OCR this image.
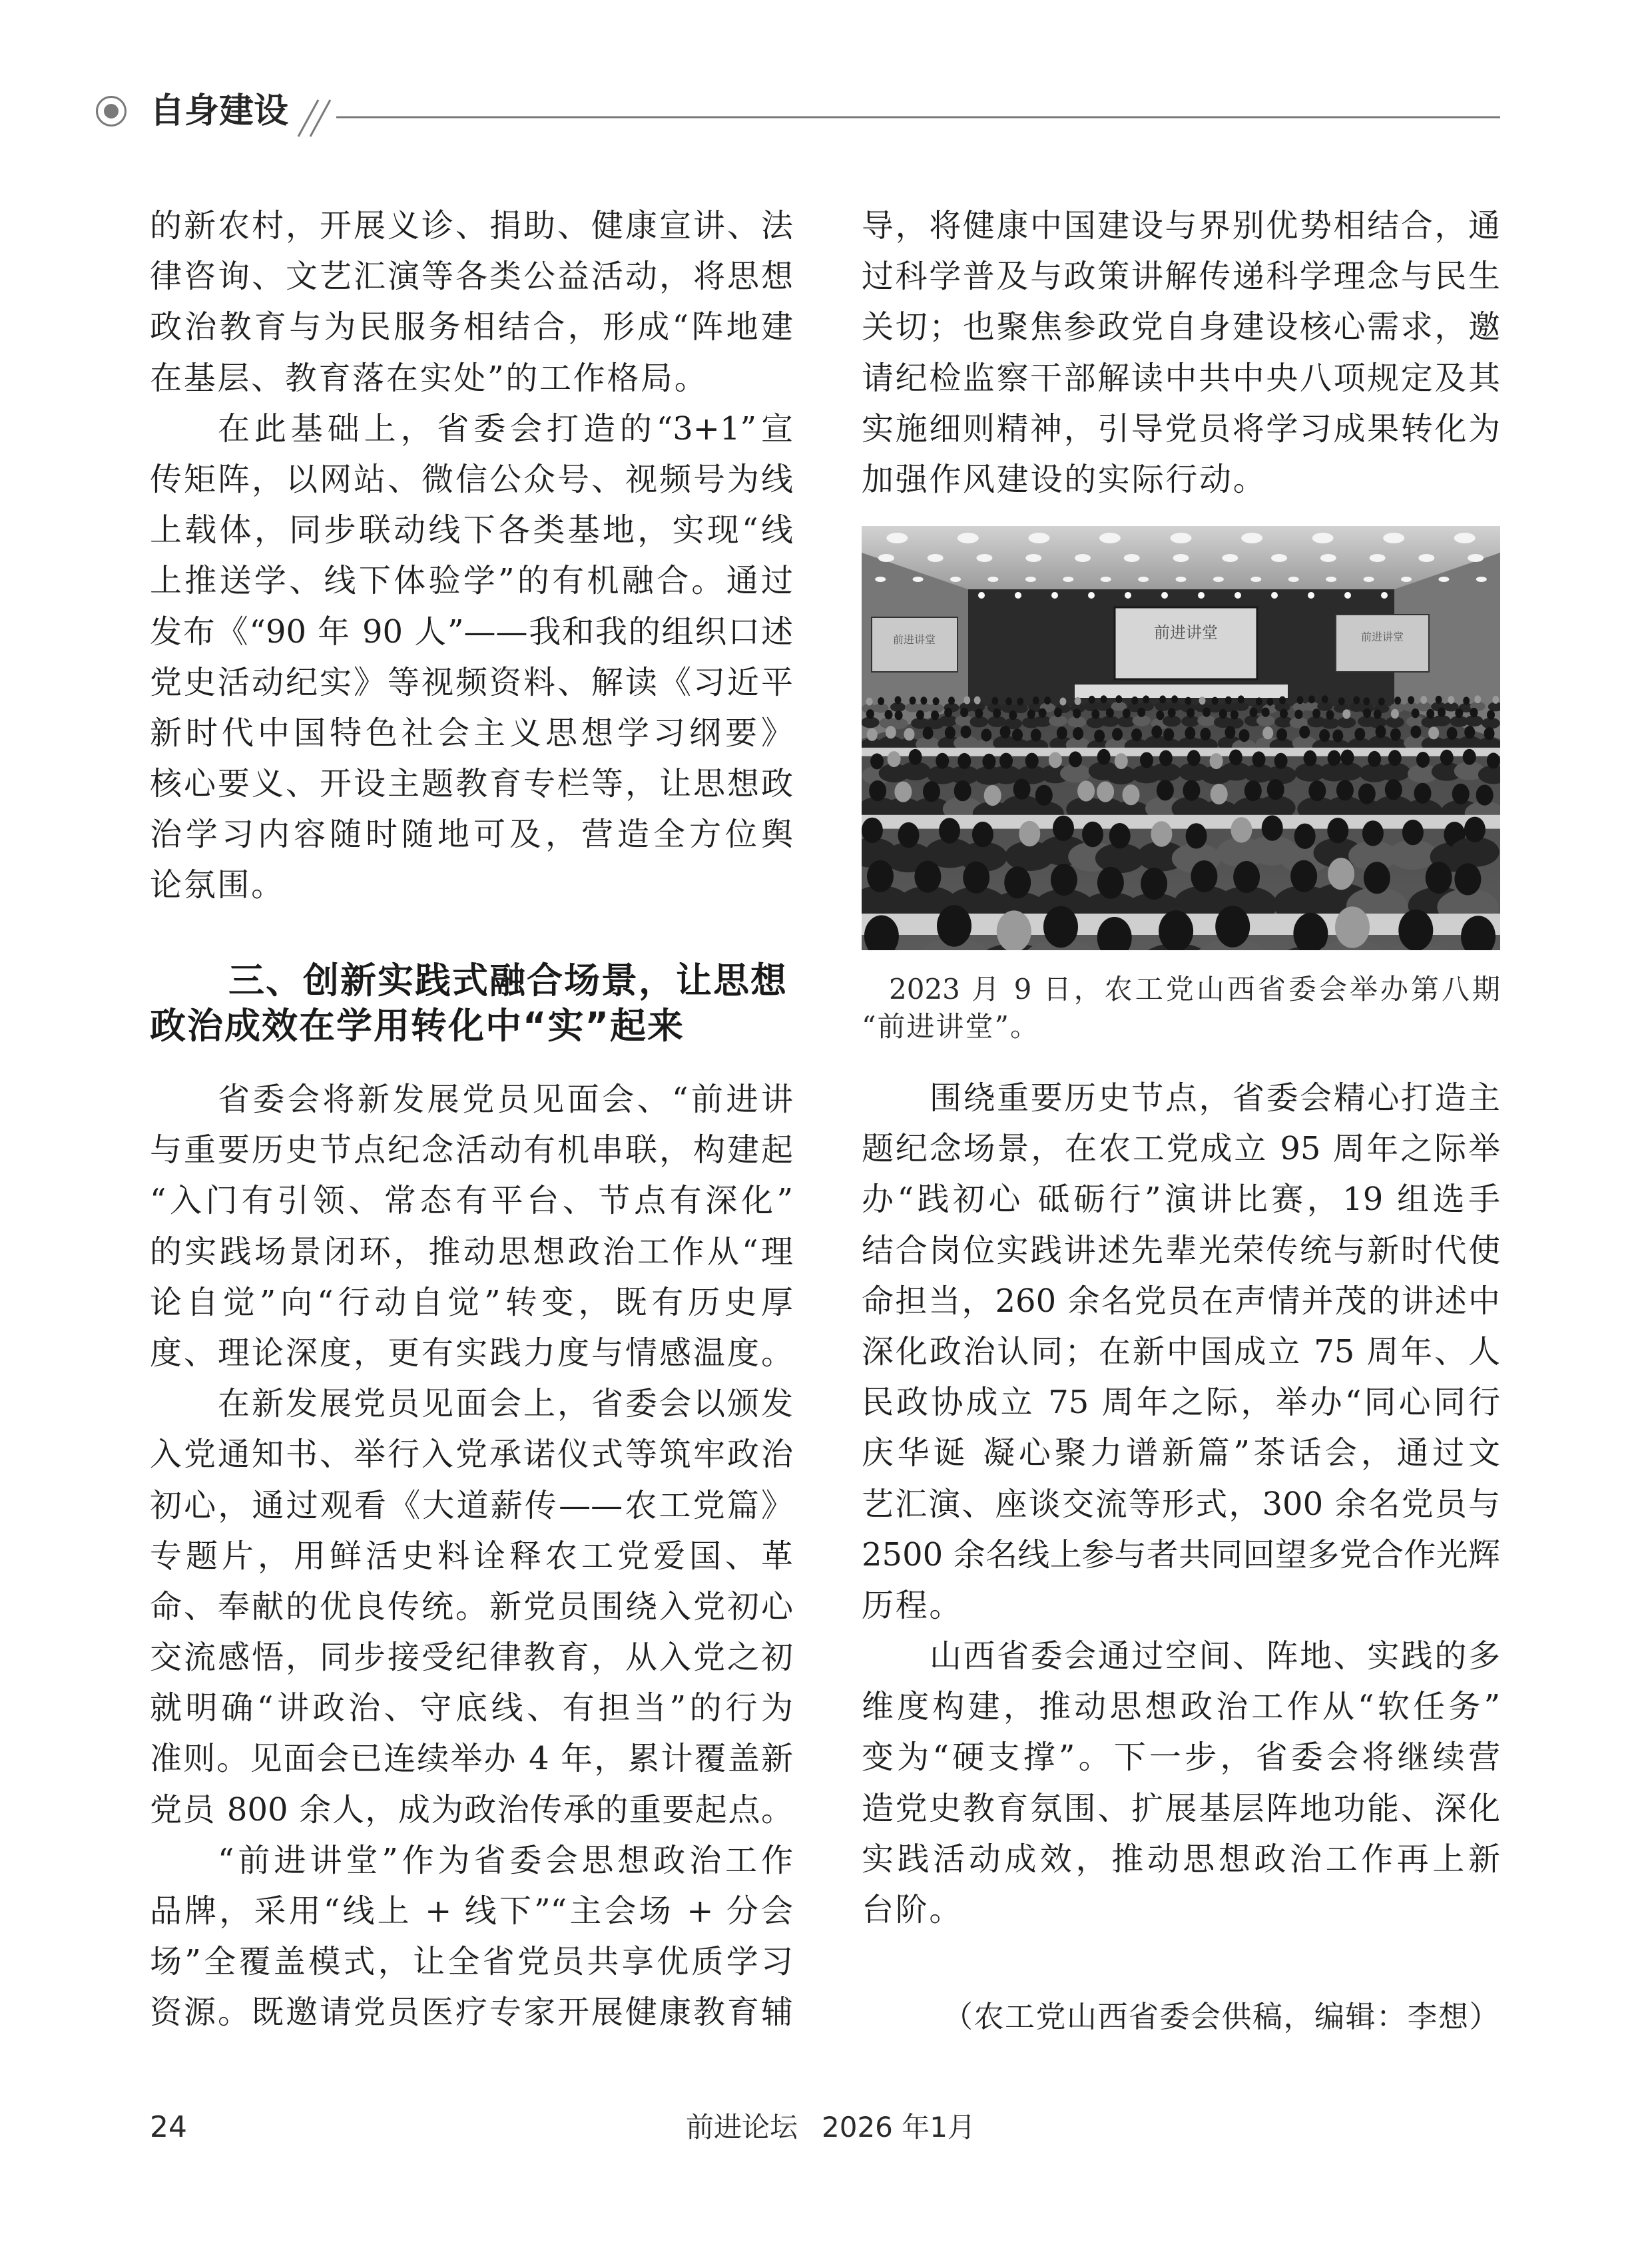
自身建设
的新农村，开展义诊、捐助、健康宣讲、法
律咨询、文艺汇演等各类公益活动，将思想
政治教育与为民服务相结合，形成“阵地建
在基层、教育落在实处”的工作格局。
在此基础上，省委会打造的“3+1”宣
传矩阵，以网站、微信公众号、视频号为线
上载体，同步联动线下各类基地，实现“线
上推送学、线下体验学”的有机融合。通过
发布《“90 年 90 人”——我和我的组织口述
党史活动纪实》等视频资料、解读《习近平
新时代中国特色社会主义思想学习纲要》
核心要义、开设主题教育专栏等，让思想政
治学习内容随时随地可及，营造全方位舆
论氛围。
三、创新实践式融合场景，让思想
政治成效在学用转化中“实”起来
省委会将新发展党员见面会、“前进讲
与重要历史节点纪念活动有机串联，构建起
“入门有引领、常态有平台、节点有深化”
的实践场景闭环，推动思想政治工作从“理
论自觉”向“行动自觉”转变，既有历史厚
度、理论深度，更有实践力度与情感温度。
在新发展党员见面会上，省委会以颁发
入党通知书、举行入党承诺仪式等筑牢政治
初心，通过观看《大道薪传——农工党篇》
专题片，用鲜活史料诠释农工党爱国、革
命、奉献的优良传统。新党员围绕入党初心
交流感悟，同步接受纪律教育，从入党之初
就明确“讲政治、守底线、有担当”的行为
准则。见面会已连续举办 4 年，累计覆盖新
党员 800 余人，成为政治传承的重要起点。
“前进讲堂”作为省委会思想政治工作
品牌，采用“线上 + 线下”“主会场 + 分会
场”全覆盖模式，让全省党员共享优质学习
资源。既邀请党员医疗专家开展健康教育辅
导，将健康中国建设与界别优势相结合，通
过科学普及与政策讲解传递科学理念与民生
关切；也聚焦参政党自身建设核心需求，邀
请纪检监察干部解读中共中央八项规定及其
实施细则精神，引导党员将学习成果转化为
加强作风建设的实际行动。
前进讲堂
前进讲堂	前进讲堂
2023 月 9 日，农工党山西省委会举办第八期
“前进讲堂”。
围绕重要历史节点，省委会精心打造主
题纪念场景，在农工党成立 95 周年之际举
办“践初心 砥砺行”演讲比赛，19 组选手
结合岗位实践讲述先辈光荣传统与新时代使
命担当，260 余名党员在声情并茂的讲述中
深化政治认同；在新中国成立 75 周年、人
民政协成立 75 周年之际，举办“同心同行
庆华诞 凝心聚力谱新篇”茶话会，通过文
艺汇演、座谈交流等形式，300 余名党员与
2500 余名线上参与者共同回望多党合作光辉
历程。
山西省委会通过空间、阵地、实践的多
维度构建，推动思想政治工作从“软任务”
变为“硬支撑”。下一步，省委会将继续营
造党史教育氛围、扩展基层阵地功能、深化
实践活动成效，推动思想政治工作再上新
台阶。
（农工党山西省委会供稿，编辑：李想）
24	前进论坛 2026 年1月
